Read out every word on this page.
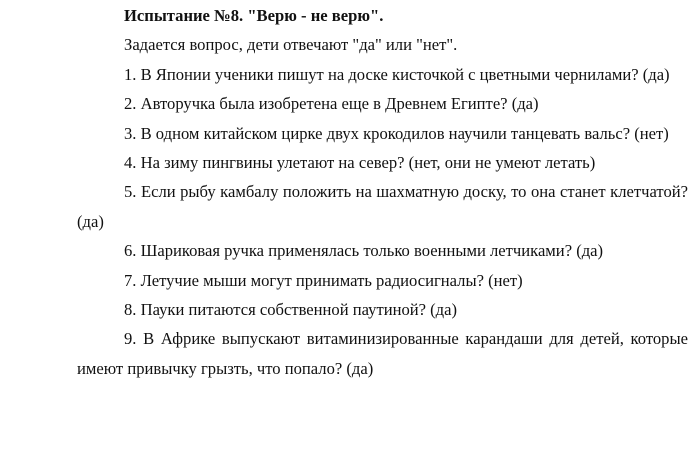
Испытание №8. "Верю - не верю".

Задается вопрос, дети отвечают "да" или "нет".

1. В Японии ученики пишут на доске кисточкой с цветными чернилами? (да)

2. Авторучка была изобретена еще в Древнем Египте? (да)

3. В одном китайском цирке двух крокодилов научили танцевать вальс? (нет)

4. На зиму пингвины улетают на север? (нет, они не умеют летать)

5. Если рыбу камбалу положить на шахматную доску, то она станет клетчатой? (да)

6. Шариковая ручка применялась только военными летчиками? (да)

7. Летучие мыши могут принимать радиосигналы? (нет)

8. Пауки питаются собственной паутиной? (да)

9. В Африке выпускают витаминизированные карандаши для детей, которые имеют привычку грызть, что попало? (да)
